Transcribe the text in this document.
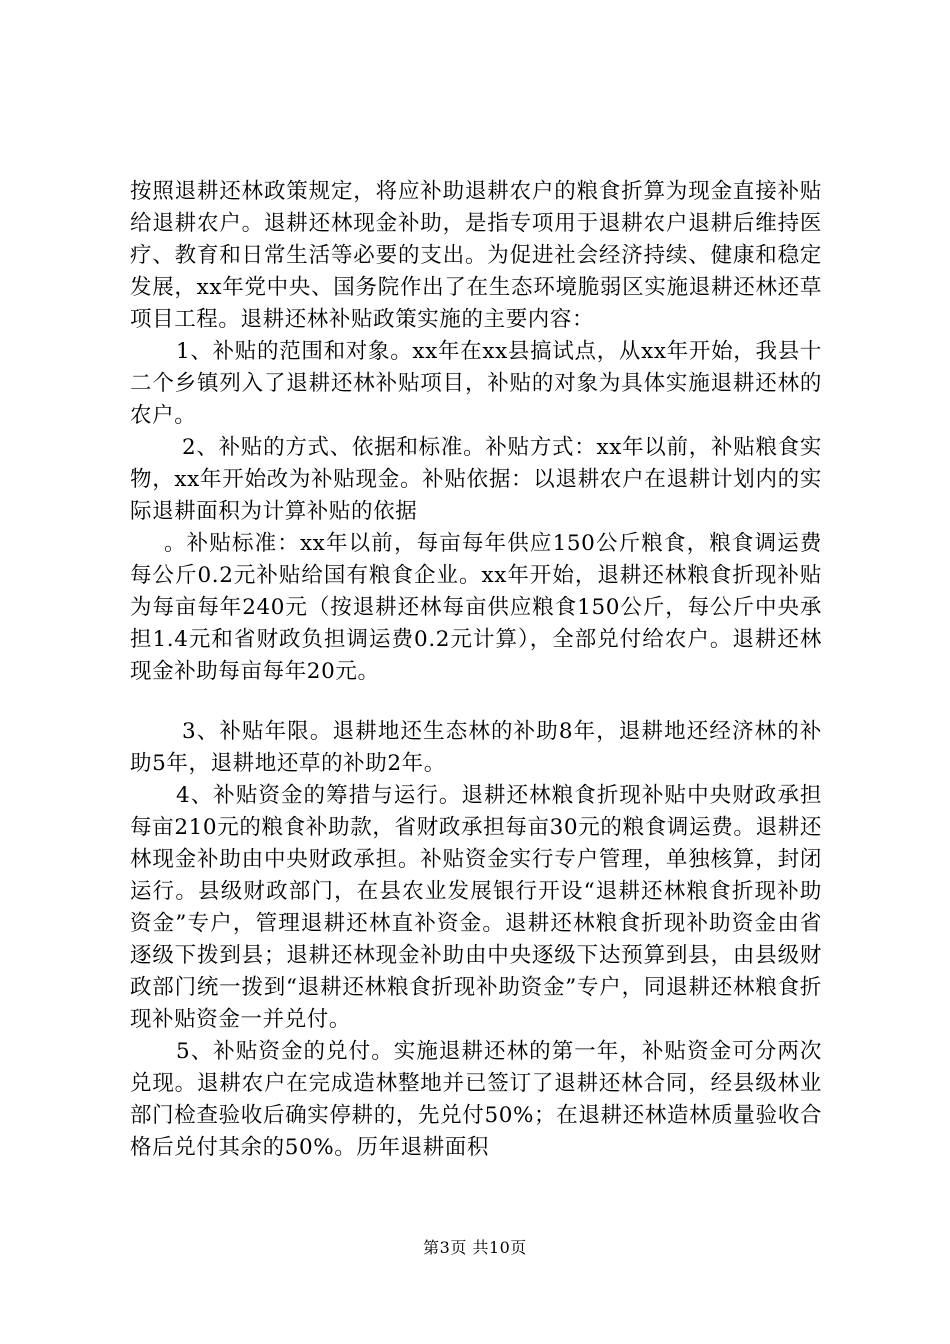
按照退耕还林政策规定，将应补助退耕农户的粮食折算为现金直接补贴给退耕农户。退耕还林现金补助，是指专项用于退耕农户退耕后维持医疗、教育和日常生活等必要的支出。为促进社会经济持续、健康和稳定发展，xx年党中央、国务院作出了在生态环境脆弱区实施退耕还林还草项目工程。退耕还林补贴政策实施的主要内容：

1、补贴的范围和对象。xx年在xx县搞试点，从xx年开始，我县十二个乡镇列入了退耕还林补贴项目，补贴的对象为具体实施退耕还林的农户。

2、补贴的方式、依据和标准。补贴方式：xx年以前，补贴粮食实物，xx年开始改为补贴现金。补贴依据：以退耕农户在退耕计划内的实际退耕面积为计算补贴的依据

。补贴标准：xx年以前，每亩每年供应150公斤粮食，粮食调运费每公斤0.2元补贴给国有粮食企业。xx年开始，退耕还林粮食折现补贴为每亩每年240元（按退耕还林每亩供应粮食150公斤，每公斤中央承担1.4元和省财政负担调运费0.2元计算），全部兑付给农户。退耕还林现金补助每亩每年20元。

3、补贴年限。退耕地还生态林的补助8年，退耕地还经济林的补助5年，退耕地还草的补助2年。

4、补贴资金的筹措与运行。退耕还林粮食折现补贴中央财政承担每亩210元的粮食补助款，省财政承担每亩30元的粮食调运费。退耕还林现金补助由中央财政承担。补贴资金实行专户管理，单独核算，封闭运行。县级财政部门，在县农业发展银行开设“退耕还林粮食折现补助资金”专户，管理退耕还林直补资金。退耕还林粮食折现补助资金由省逐级下拨到县；退耕还林现金补助由中央逐级下达预算到县，由县级财政部门统一拨到“退耕还林粮食折现补助资金”专户，同退耕还林粮食折现补贴资金一并兑付。

5、补贴资金的兑付。实施退耕还林的第一年，补贴资金可分两次兑现。退耕农户在完成造林整地并已签订了退耕还林合同，经县级林业部门检查验收后确实停耕的，先兑付50%；在退耕还林造林质量验收合格后兑付其余的50%。历年退耕面积

第3页 共10页
